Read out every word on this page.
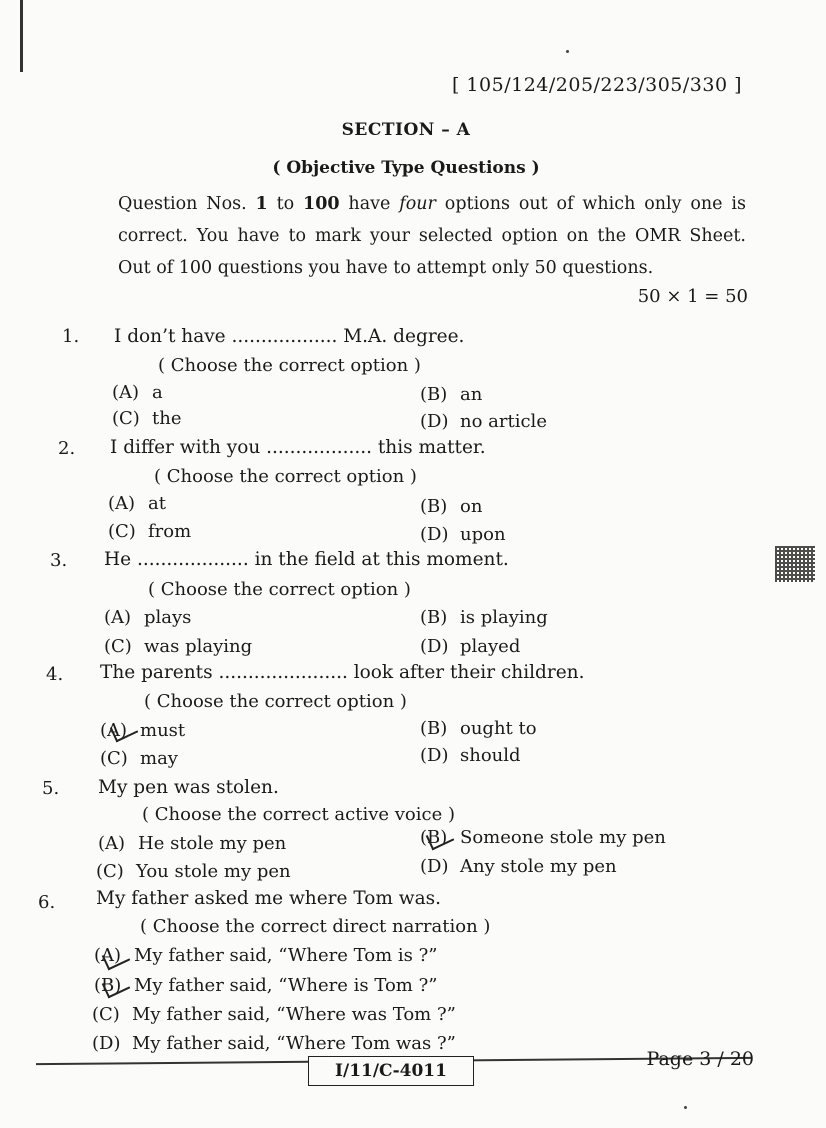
[ 105/124/205/223/305/330 ]
SECTION – A
( Objective Type Questions )
Question Nos. 1 to 100 have four options out of which only one is correct. You have to mark your selected option on the OMR Sheet. Out of 100 questions you have to attempt only 50 questions.
50 × 1 = 50
1. I don’t have .................. M.A. degree.
( Choose the correct option )
(A) a	(B) an
(C) the	(D) no article
2. I differ with you .................. this matter.
( Choose the correct option )
(A) at	(B) on
(C) from	(D) upon
3. He ................... in the field at this moment.
( Choose the correct option )
(A) plays	(B) is playing
(C) was playing	(D) played
4. The parents ...................... look after their children.
( Choose the correct option )
(A) must	(B) ought to
(C) may	(D) should
5. My pen was stolen.
( Choose the correct active voice )
(A) He stole my pen	(B) Someone stole my pen
(C) You stole my pen	(D) Any stole my pen
6. My father asked me where Tom was.
( Choose the correct direct narration )
(A) My father said, “Where Tom is ?”
(B) My father said, “Where is Tom ?”
(C) My father said, “Where was Tom ?”
(D) My father said, “Where Tom was ?”
I/11/C-4011
Page 3 / 20
